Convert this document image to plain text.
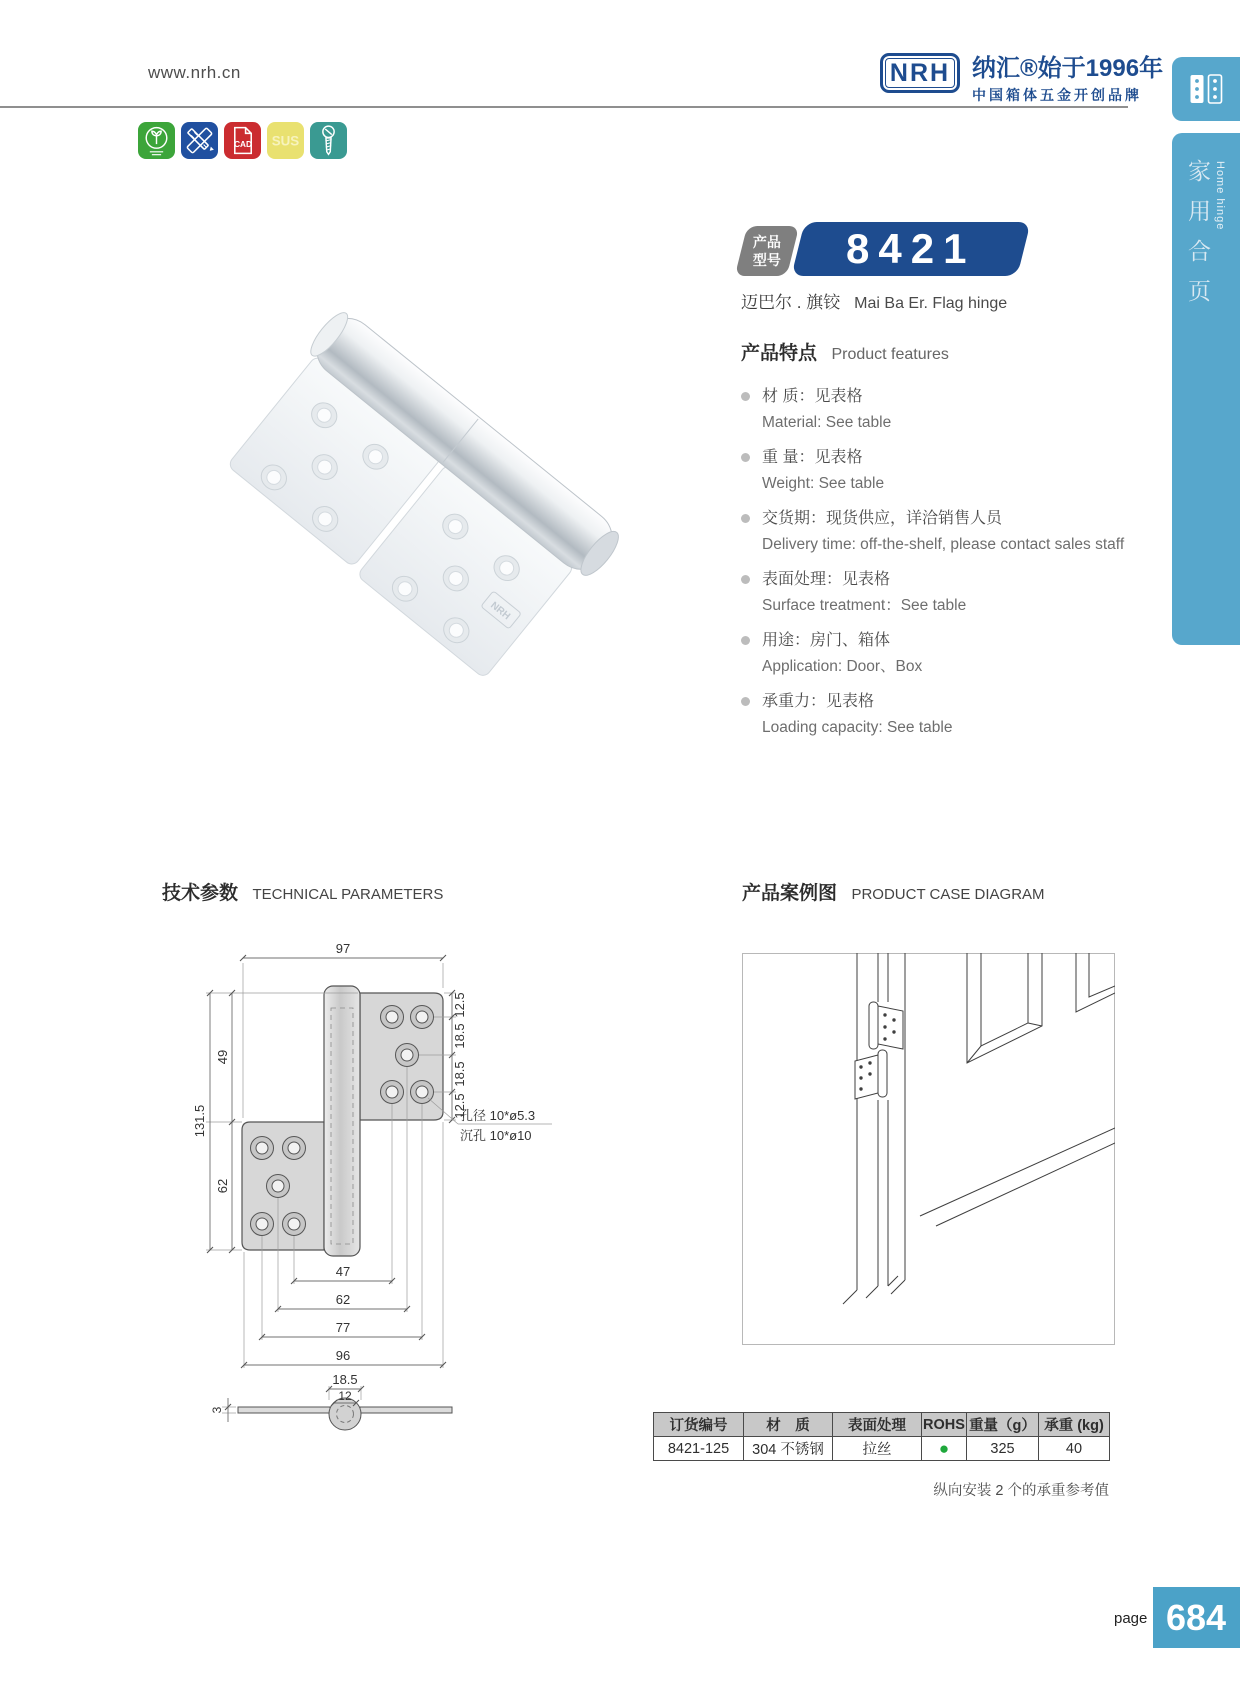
www.nrh.cn	NRH 纳汇®始于1996年
中国箱体五金开创品牌
CAD SUS
家用合页 Home hinge
产品
型号 8421
迈巴尔 . 旗铰 Mai Ba Er. Flag hinge
NRH
产品特点 Product features
材 质：见表格
Material: See table
重 量：见表格
Weight: See table
交货期：现货供应，详洽销售人员
Delivery time: off-the-shelf, please contact sales staff
表面处理：见表格
Surface treatment：See table
用途：房门、箱体
Application: Door、Box
承重力：见表格
Loading capacity: See table
技术参数 TECHNICAL PARAMETERS	产品案例图 PRODUCT CASE DIAGRAM
97
12.5
18.5
18.5
12.5
49
62
131.5
47
62
77
96
孔径 10*ø5.3
沉孔 10*ø10
18.5
12
3
订货编号	材　质	表面处理	ROHS	重量（g）	承重 (kg)
8421-125	304 不锈钢	拉丝	●	325	40
纵向安装 2 个的承重参考值
page 684
